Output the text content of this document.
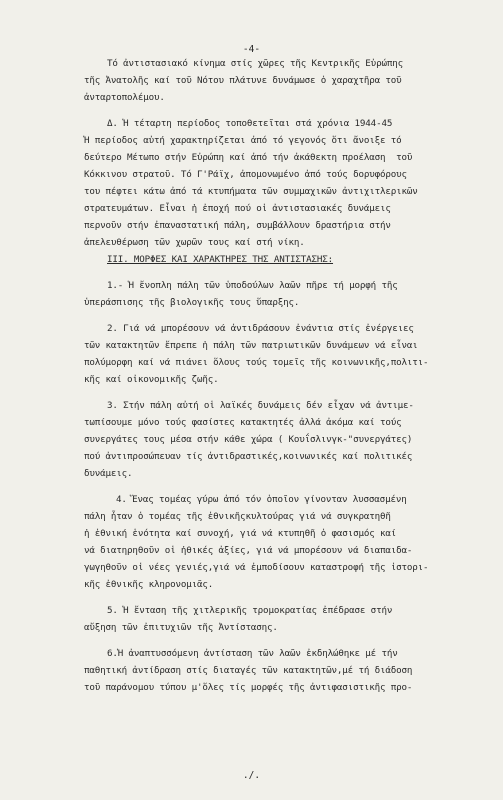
-4-
Τό ἀντιστασιακό κίνημα στίς χῶρες τῆς Κεντρικῆς Εὐρώπης
τῆς Ἀνατολῆς καί τοῦ Νότου πλάτυνε δυνάμωσε ὁ χαραχτῆρα τοῦ
ἀνταρτοπολέμου.
Δ. Ἡ τέταρτη περίοδος τοποθετεῖται στά χρόνια 1944-45
Ἡ περίοδος αὐτή χαρακτηρίζεται ἀπό τό γεγονός ὅτι ἄνοιξε τό
δεύτερο Μέτωπο στήν Εὐρώπη καί ἀπό τήν ἀκάθεκτη προέλαση  τοῦ
Κόκκινου στρατοῦ. Τό Γ'Ράϊχ, ἀπομονωμένο ἀπό τούς δορυφόρους
του πέφτει κάτω ἀπό τά κτυπήματα τῶν συμμαχικῶν ἀντιχιτλερικῶν
στρατευμάτων. Εἶναι ἡ ἐποχή πού οἱ ἀντιστασιακές δυνάμεις
περνοῦν στήν ἐπαναστατική πάλη, συμβάλλουν δραστήρια στήν
ἀπελευθέρωση τῶν χωρῶν τους καί στή νίκη.
III. ΜΟΡΦΕΣ ΚΑΙ ΧΑΡΑΚΤΗΡΕΣ ΤΗΣ ΑΝΤΙΣΤΑΣΗΣ:
1.- Ἡ ἔνοπλη πάλη τῶν ὑποδούλων λαῶν πῆρε τή μορφή τῆς
ὑπεράσπισης τῆς βιολογικῆς τους ὕπαρξης.
2. Γιά νά μπορέσουν νά ἀντιδράσουν ἐνάντια στίς ἐνέργειες
τῶν κατακτητῶν ἔπρεπε ἡ πάλη τῶν πατριωτικῶν δυνάμεων νά εἶναι
πολύμορφη καί νά πιάνει ὅλους τούς τομεῖς τῆς κοινωνικῆς,πολιτι-
κῆς καί οἰκονομικῆς ζωῆς.
3. Στήν πάλη αὐτή οἱ λαϊκές δυνάμεις δέν εἶχαν νά ἀντιμε-
τωπίσουμε μόνο τούς φασίστες κατακτητές ἀλλά ἀκόμα καί τούς
συνεργάτες τους μέσα στήν κάθε χώρα ( Κουΐσλινγκ-"συνεργάτες)
πού ἀντιπροσώπευαν τίς ἀντιδραστικές,κοινωνικές καί πολιτικές
δυνάμεις.
4. Ἕνας τομέας γύρω ἀπό τόν ὁποῖον γίνονταν λυσσασμένη
πάλη ἦταν ὁ τομέας τῆς ἐθνικῆςκυλτούρας γιά νά συγκρατηθῆ
ἡ ἐθνική ἑνότητα καί συνοχή, γιά νά κτυπηθῆ ὁ φασισμός καί
νά διατηρηθοῦν οἱ ἠθικές ἀξίες, γιά νά μπορέσουν νά διαπαιδα-
γωγηθοῦν οἱ νέες γενιές,γιά νά ἐμποδίσουν καταστροφή τῆς ἱστορι-
κῆς ἐθνικῆς κληρονομιᾶς.
5. Ἡ ἔνταση τῆς χιτλερικῆς τρομοκρατίας ἐπέδρασε στήν
αὔξηση τῶν ἐπιτυχιῶν τῆς Ἀντίστασης.
6.Ἡ ἀναπτυσσόμενη ἀντίσταση τῶν λαῶν ἐκδηλώθηκε μέ τήν
παθητική ἀντίδραση στίς διαταγές τῶν κατακτητῶν,μέ τή διάδοση
τοῦ παράνομου τύπου μ'ὅλες τίς μορφές τῆς ἀντιφασιστικῆς προ-
./.
